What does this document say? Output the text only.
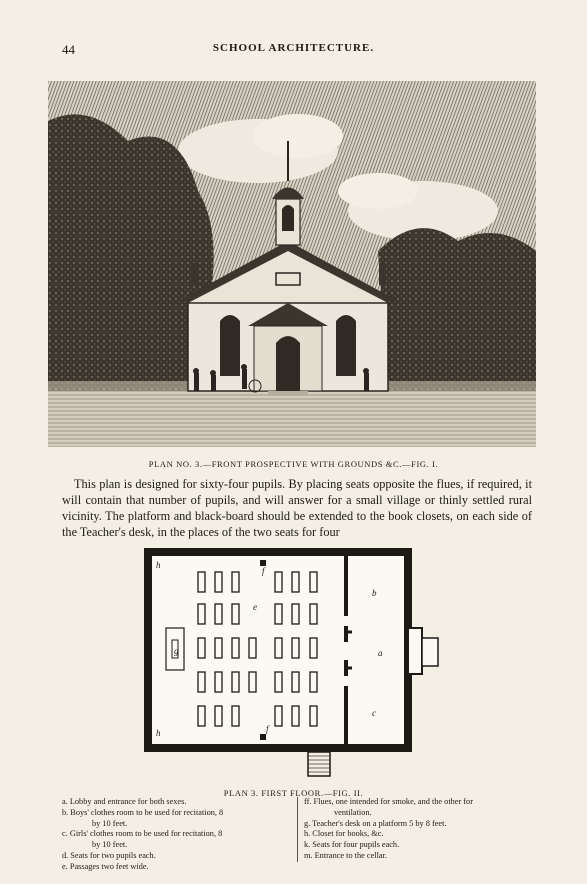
44	SCHOOL ARCHITECTURE.
PLAN NO. 3.—FRONT PROSPECTIVE WITH GROUNDS &C.—FIG. I.
This plan is designed for sixty-four pupils. By placing seats opposite the flues, if required, it will contain that number of pupils, and will answer for a small village or thinly settled rural vicinity. The platform and black-board should be extended to the book closets, on each side of the Teacher's desk, in the places of the two seats for four
h
h
e
g
f
f
b
c
a
PLAN 3. FIRST FLOOR.—FIG. II.
a. Lobby and entrance for both sexes.
b. Boys' clothes room to be used for recitation, 8
by 10 feet.
c. Girls' clothes room to be used for recitation, 8
by 10 feet.
d. Seats for two pupils each.
e. Passages two feet wide.
ff. Flues, one intended for smoke, and the other for
ventilation.
g. Teacher's desk on a platform 5 by 8 feet.
h. Closet for books, &c.
k. Seats for four pupils each.
m. Entrance to the cellar.
